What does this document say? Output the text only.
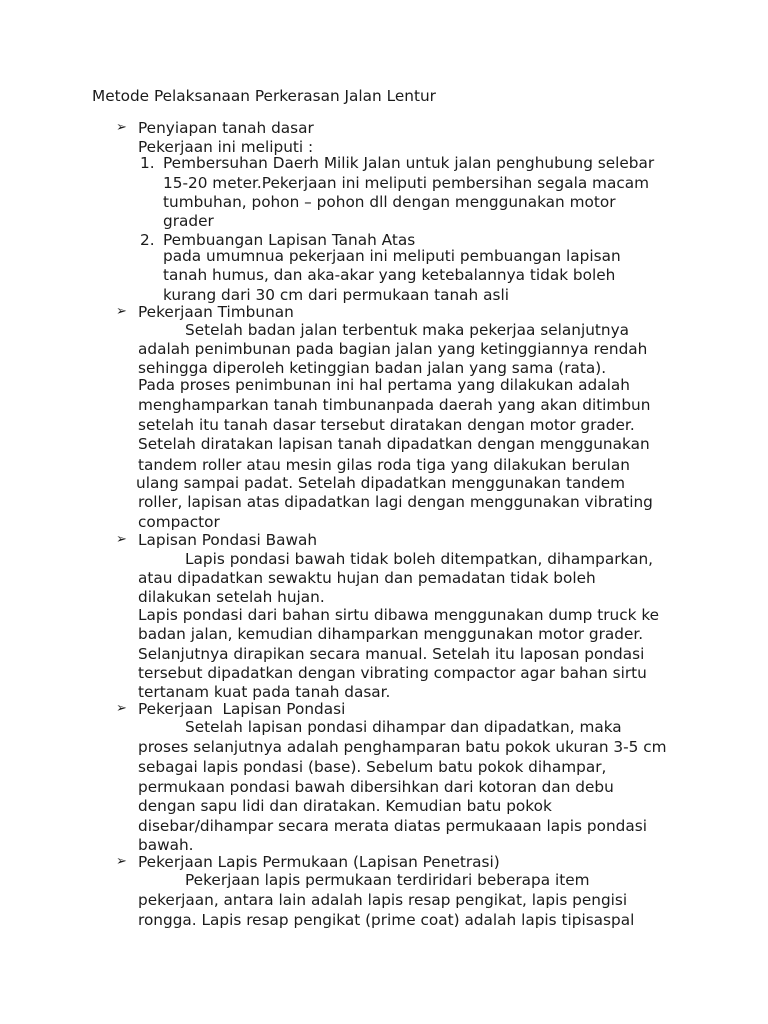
Metode Pelaksanaan Perkerasan Jalan Lentur
➢ Penyiapan tanah dasar
Pekerjaan ini meliputi :
1. Pembersuhan Daerh Milik Jalan untuk jalan penghubung selebar
15-20 meter.Pekerjaan ini meliputi pembersihan segala macam
tumbuhan, pohon – pohon dll dengan menggunakan motor
grader
2. Pembuangan Lapisan Tanah Atas
pada umumnua pekerjaan ini meliputi pembuangan lapisan
tanah humus, dan aka-akar yang ketebalannya tidak boleh
kurang dari 30 cm dari permukaan tanah asli
➢ Pekerjaan Timbunan
Setelah badan jalan terbentuk maka pekerjaa selanjutnya
adalah penimbunan pada bagian jalan yang ketinggiannya rendah
sehingga diperoleh ketinggian badan jalan yang sama (rata).
Pada proses penimbunan ini hal pertama yang dilakukan adalah
menghamparkan tanah timbunanpada daerah yang akan ditimbun
setelah itu tanah dasar tersebut diratakan dengan motor grader.
Setelah diratakan lapisan tanah dipadatkan dengan menggunakan
tandem roller atau mesin gilas roda tiga yang dilakukan berulan
ulang sampai padat. Setelah dipadatkan menggunakan tandem
roller, lapisan atas dipadatkan lagi dengan menggunakan vibrating
compactor
➢ Lapisan Pondasi Bawah
Lapis pondasi bawah tidak boleh ditempatkan, dihamparkan,
atau dipadatkan sewaktu hujan dan pemadatan tidak boleh
dilakukan setelah hujan.
Lapis pondasi dari bahan sirtu dibawa menggunakan dump truck ke
badan jalan, kemudian dihamparkan menggunakan motor grader.
Selanjutnya dirapikan secara manual. Setelah itu laposan pondasi
tersebut dipadatkan dengan vibrating compactor agar bahan sirtu
tertanam kuat pada tanah dasar.
➢ Pekerjaan  Lapisan Pondasi
Setelah lapisan pondasi dihampar dan dipadatkan, maka
proses selanjutnya adalah penghamparan batu pokok ukuran 3-5 cm
sebagai lapis pondasi (base). Sebelum batu pokok dihampar,
permukaan pondasi bawah dibersihkan dari kotoran dan debu
dengan sapu lidi dan diratakan. Kemudian batu pokok
disebar/dihampar secara merata diatas permukaaan lapis pondasi
bawah.
➢ Pekerjaan Lapis Permukaan (Lapisan Penetrasi)
Pekerjaan lapis permukaan terdiridari beberapa item
pekerjaan, antara lain adalah lapis resap pengikat, lapis pengisi
rongga. Lapis resap pengikat (prime coat) adalah lapis tipisaspal
